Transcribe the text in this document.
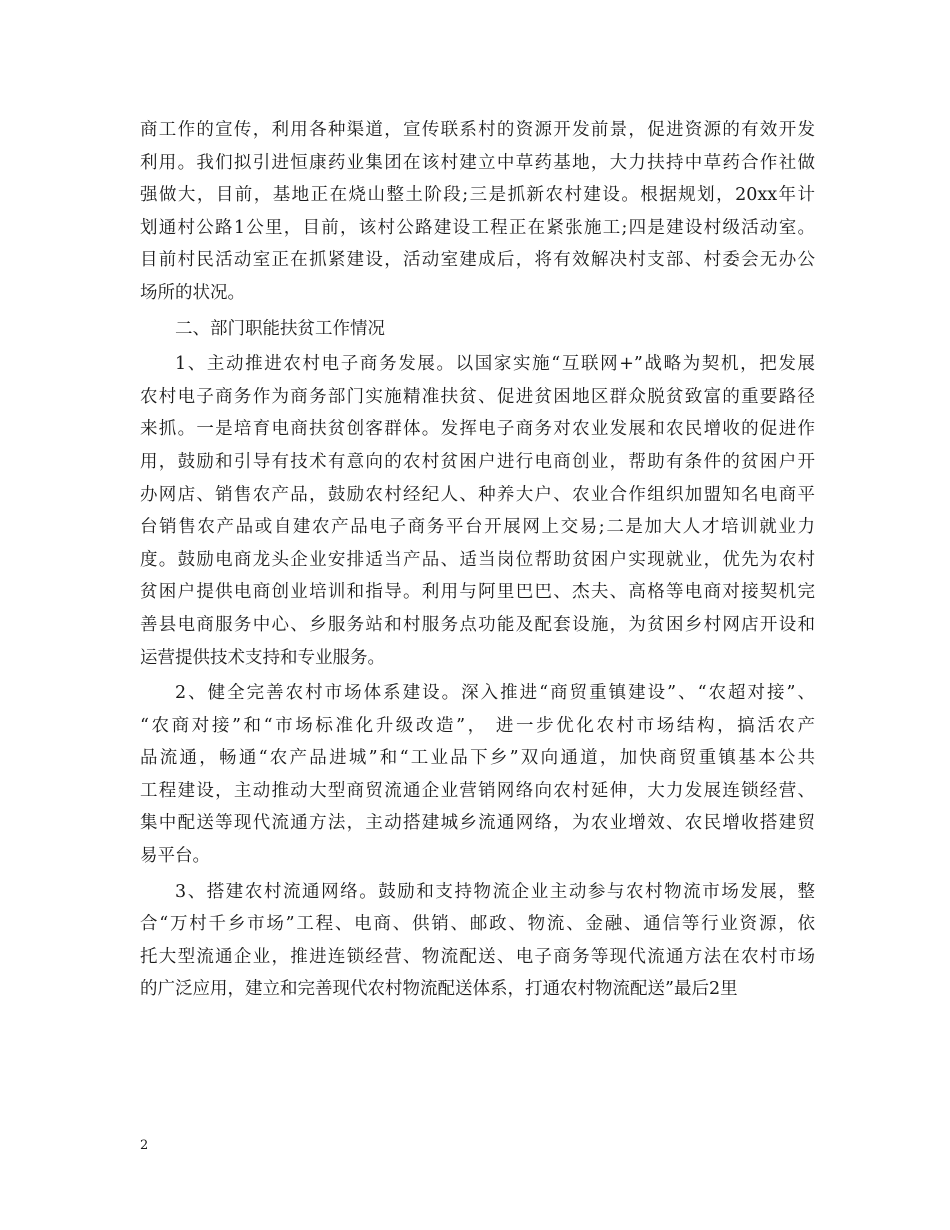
商工作的宣传，利用各种渠道，宣传联系村的资源开发前景，促进资源的有效开发
利用。我们拟引进恒康药业集团在该村建立中草药基地，大力扶持中草药合作社做
强做大，目前，基地正在烧山整土阶段;三是抓新农村建设。根据规划，20xx年计
划通村公路1公里，目前，该村公路建设工程正在紧张施工;四是建设村级活动室。
目前村民活动室正在抓紧建设，活动室建成后，将有效解决村支部、村委会无办公
场所的状况。
二、部门职能扶贫工作情况
1、主动推进农村电子商务发展。以国家实施“互联网+”战略为契机，把发展
农村电子商务作为商务部门实施精准扶贫、促进贫困地区群众脱贫致富的重要路径
来抓。一是培育电商扶贫创客群体。发挥电子商务对农业发展和农民增收的促进作
用，鼓励和引导有技术有意向的农村贫困户进行电商创业，帮助有条件的贫困户开
办网店、销售农产品，鼓励农村经纪人、种养大户、农业合作组织加盟知名电商平
台销售农产品或自建农产品电子商务平台开展网上交易;二是加大人才培训就业力
度。鼓励电商龙头企业安排适当产品、适当岗位帮助贫困户实现就业，优先为农村
贫困户提供电商创业培训和指导。利用与阿里巴巴、杰夫、高格等电商对接契机完
善县电商服务中心、乡服务站和村服务点功能及配套设施，为贫困乡村网店开设和
运营提供技术支持和专业服务。
2、健全完善农村市场体系建设。深入推进“商贸重镇建设”、“农超对接”、
“农商对接”和“市场标准化升级改造”， 进一步优化农村市场结构，搞活农产
品流通，畅通“农产品进城”和“工业品下乡”双向通道，加快商贸重镇基本公共
工程建设，主动推动大型商贸流通企业营销网络向农村延伸，大力发展连锁经营、
集中配送等现代流通方法，主动搭建城乡流通网络，为农业增效、农民增收搭建贸
易平台。
3、搭建农村流通网络。鼓励和支持物流企业主动参与农村物流市场发展，整
合“万村千乡市场”工程、电商、供销、邮政、物流、金融、通信等行业资源，依
托大型流通企业，推进连锁经营、物流配送、电子商务等现代流通方法在农村市场
的广泛应用，建立和完善现代农村物流配送体系，打通农村物流配送”最后2里
2
